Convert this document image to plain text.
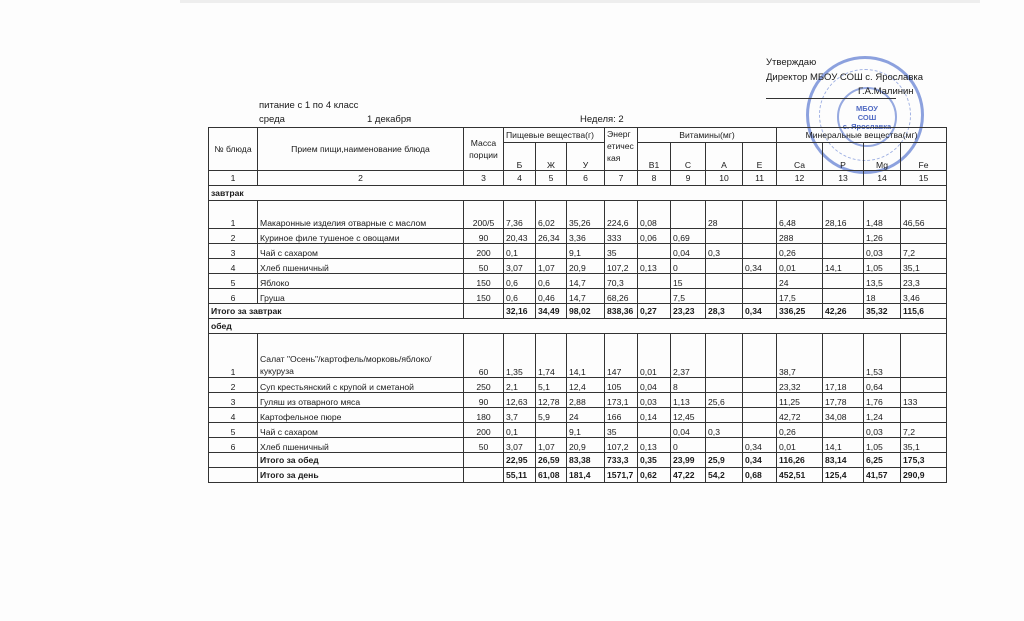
МБОУ
СОШ
с. Ярославка
Утверждаю
Директор МБОУ СОШ с. Ярославка
Г.А.Малинин
питание с 1 по 4 класс
среда	1 декабря	Неделя: 2
№ блюда	Прием пищи,наименование блюда	Масса порции	Пищевые вещества(г)			Энергетическая	Витамины(мг)				Минеральные вещества(мг)			
			Б	Ж	У		B1	C	A	E	Ca	P	Mg	Fe
1	2	3	4	5	6	7	8	9	10	11	12	13	14	15
завтрак														
1	Макаронные изделия отварные с маслом	200/5	7,36	6,02	35,26	224,6	0,08		28		6,48	28,16	1,48	46,56
2	Куриное филе тушеное с овощами	90	20,43	26,34	3,36	333	0,06	0,69			288		1,26	
3	Чай с сахаром	200	0,1		9,1	35		0,04	0,3		0,26		0,03	7,2
4	Хлеб пшеничный	50	3,07	1,07	20,9	107,2	0,13	0		0,34	0,01	14,1	1,05	35,1
5	Яблоко	150	0,6	0,6	14,7	70,3		15			24		13,5	23,3
6	Груша	150	0,6	0,46	14,7	68,26		7,5			17,5		18	3,46
Итого за завтрак			32,16	34,49	98,02	838,36	0,27	23,23	28,3	0,34	336,25	42,26	35,32	115,6
обед														
1	Салат "Осень"/картофель/морковь/яблоко/ кукуруза	60	1,35	1,74	14,1	147	0,01	2,37			38,7		1,53	
2	Суп крестьянский с крупой и сметаной	250	2,1	5,1	12,4	105	0,04	8			23,32	17,18	0,64	
3	Гуляш из отварного мяса	90	12,63	12,78	2,88	173,1	0,03	1,13	25,6		11,25	17,78	1,76	133
4	Картофельное пюре	180	3,7	5,9	24	166	0,14	12,45			42,72	34,08	1,24	
5	Чай с сахаром	200	0,1		9,1	35		0,04	0,3		0,26		0,03	7,2
6	Хлеб пшеничный	50	3,07	1,07	20,9	107,2	0,13	0		0,34	0,01	14,1	1,05	35,1
	Итого за обед		22,95	26,59	83,38	733,3	0,35	23,99	25,9	0,34	116,26	83,14	6,25	175,3
	Итого за день		55,11	61,08	181,4	1571,7	0,62	47,22	54,2	0,68	452,51	125,4	41,57	290,9
